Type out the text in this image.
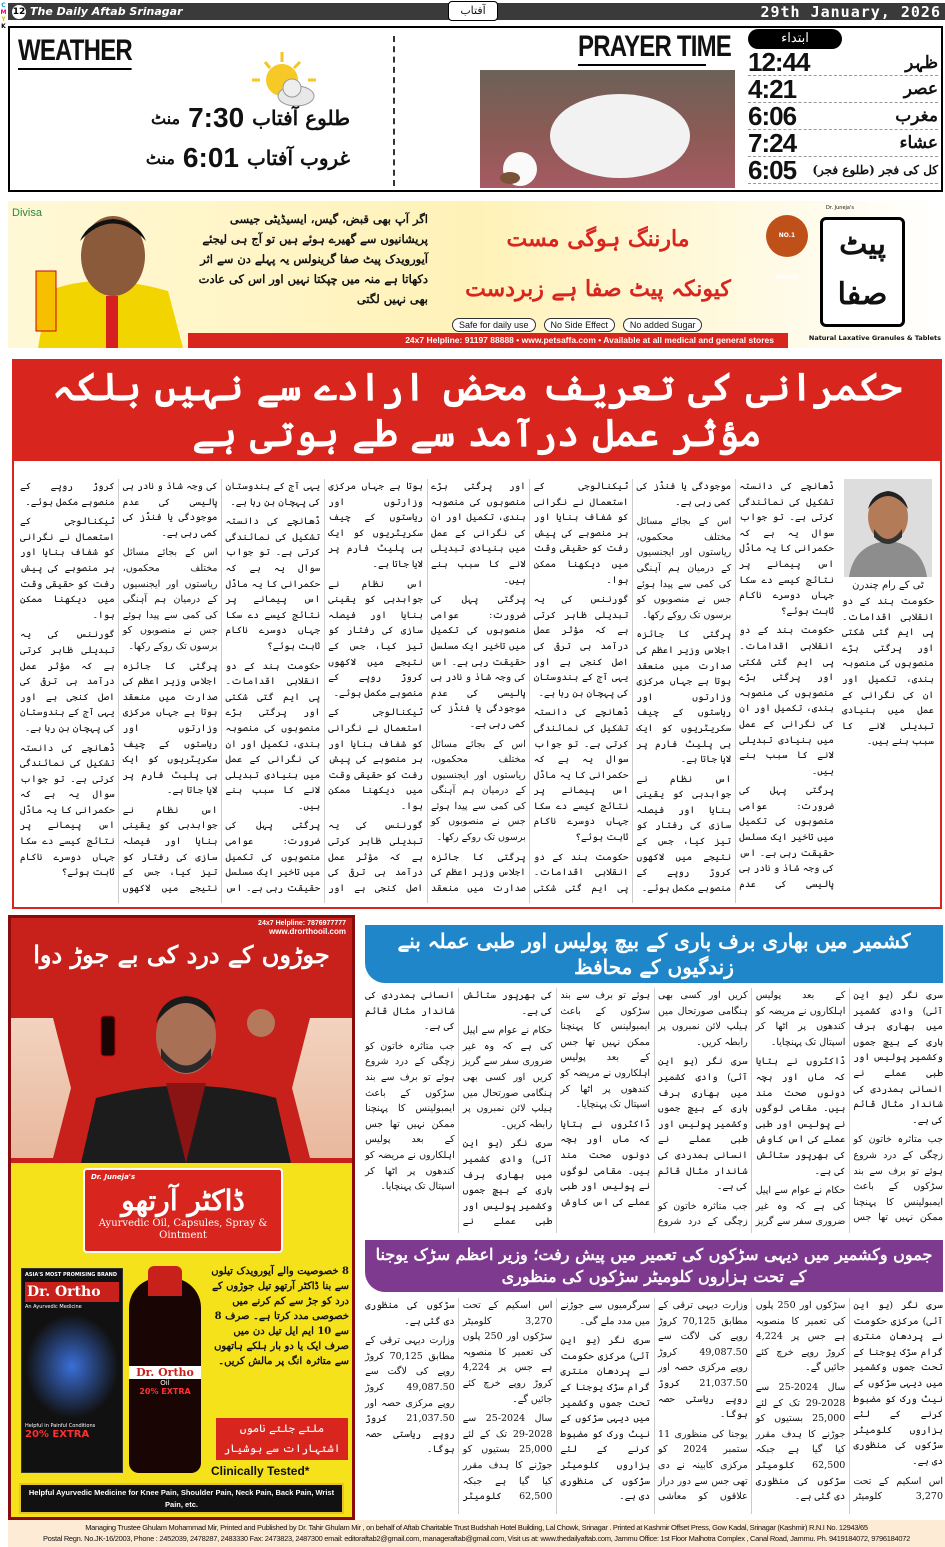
C
M
Y
K
12 The Daily Aftab Srinagar	29th January, 2026
آفتاب
WEATHER
منٹ 7:30 طلوع آفتاب
منٹ 6:01 غروب آفتاب
PRAYER TIME	ابتداء
12:44	ظہر
4:21	عصر
6:06	مغرب
7:24	عشاء
6:05 کل کی فجر (طلوع فجر)
Divisa	اگر آپ بھی قبض، گیس، ایسیڈیٹی جیسی پریشانیوں سے گھیرے ہوئے ہیں تو آج ہی لیجئے آیورویدک پیٹ صفا گرینولس یہ پہلے دن سے اثر دکھاتا ہے منہ میں چپکتا نہیں اور اس کی عادت بھی نہیں لگتی
مارننگ ہوگی مست
کیونکہ پیٹ صفا ہے زبردست
Safe for daily use No Side Effect No added Sugar
24x7 Helpline: 91197 88888 • www.petsaffa.com • Available at all medical and general stores
NO.1 BRAND
Dr. Juneja's
پیٹ صفا
Natural Laxative Granules & Tablets
حکمرانی کی تعریف محض ارادے سے نہیں بلکہ مؤثر عمل درآمد سے طے ہوتی ہے
ٹی کے رام چندرن

حکومت ہند کے دو انقلابی اقدامات۔ پی ایم گتی شکتی اور پرگتی بڑے منصوبوں کی منصوبہ بندی، تکمیل اور ان کی نگرانی کے عمل میں بنیادی تبدیلی لانے کا سبب بنے ہیں۔

ڈھانچے کی دانستہ تشکیل کی نمائندگی کرتی ہے۔ تو جواب سوال یہ ہے کہ حکمرانی کا یہ ماڈل اس پیمانے پر نتائج کیسے دے سکا جہاں دوسرے ناکام ثابت ہوئے؟

حکومت ہند کے دو انقلابی اقدامات۔ پی ایم گتی شکتی اور پرگتی بڑے منصوبوں کی منصوبہ بندی، تکمیل اور ان کی نگرانی کے عمل میں بنیادی تبدیلی لانے کا سبب بنے ہیں۔

پرگتی پہل کی ضرورت: عوامی منصوبوں کی تکمیل میں تاخیر ایک مسلسل حقیقت رہی ہے۔ اس کی وجہ شاذ و نادر ہی پالیسی کی عدم موجودگی یا فنڈز کی کمی رہی ہے۔

اس کے بجائے مسائل مختلف محکموں، ریاستوں اور ایجنسیوں کے درمیان ہم آہنگی کی کمی سے پیدا ہوئے جس نے منصوبوں کو برسوں تک روکے رکھا۔

پرگتی کا جائزہ اجلاس وزیر اعظم کی صدارت میں منعقد ہوتا ہے جہاں مرکزی وزارتوں اور ریاستوں کے چیف سکریٹریوں کو ایک ہی پلیٹ فارم پر لایا جاتا ہے۔

اس نظام نے جوابدہی کو یقینی بنایا اور فیصلہ سازی کی رفتار کو تیز کیا، جس کے نتیجے میں لاکھوں کروڑ روپے کے منصوبے مکمل ہوئے۔

ٹیکنالوجی کے استعمال نے نگرانی کو شفاف بنایا اور ہر منصوبے کی پیش رفت کو حقیقی وقت میں دیکھنا ممکن ہوا۔

گورننس کی یہ تبدیلی ظاہر کرتی ہے کہ مؤثر عمل درآمد ہی ترقی کی اصل کنجی ہے اور یہی آج کے ہندوستان کی پہچان بن رہا ہے۔

ڈھانچے کی دانستہ تشکیل کی نمائندگی کرتی ہے۔ تو جواب سوال یہ ہے کہ حکمرانی کا یہ ماڈل اس پیمانے پر نتائج کیسے دے سکا جہاں دوسرے ناکام ثابت ہوئے؟

حکومت ہند کے دو انقلابی اقدامات۔ پی ایم گتی شکتی اور پرگتی بڑے منصوبوں کی منصوبہ بندی، تکمیل اور ان کی نگرانی کے عمل میں بنیادی تبدیلی لانے کا سبب بنے ہیں۔

پرگتی پہل کی ضرورت: عوامی منصوبوں کی تکمیل میں تاخیر ایک مسلسل حقیقت رہی ہے۔ اس کی وجہ شاذ و نادر ہی پالیسی کی عدم موجودگی یا فنڈز کی کمی رہی ہے۔

اس کے بجائے مسائل مختلف محکموں، ریاستوں اور ایجنسیوں کے درمیان ہم آہنگی کی کمی سے پیدا ہوئے جس نے منصوبوں کو برسوں تک روکے رکھا۔

پرگتی کا جائزہ اجلاس وزیر اعظم کی صدارت میں منعقد ہوتا ہے جہاں مرکزی وزارتوں اور ریاستوں کے چیف سکریٹریوں کو ایک ہی پلیٹ فارم پر لایا جاتا ہے۔

اس نظام نے جوابدہی کو یقینی بنایا اور فیصلہ سازی کی رفتار کو تیز کیا، جس کے نتیجے میں لاکھوں کروڑ روپے کے منصوبے مکمل ہوئے۔

ٹیکنالوجی کے استعمال نے نگرانی کو شفاف بنایا اور ہر منصوبے کی پیش رفت کو حقیقی وقت میں دیکھنا ممکن ہوا۔

گورننس کی یہ تبدیلی ظاہر کرتی ہے کہ مؤثر عمل درآمد ہی ترقی کی اصل کنجی ہے اور یہی آج کے ہندوستان کی پہچان بن رہا ہے۔

ڈھانچے کی دانستہ تشکیل کی نمائندگی کرتی ہے۔ تو جواب سوال یہ ہے کہ حکمرانی کا یہ ماڈل اس پیمانے پر نتائج کیسے دے سکا جہاں دوسرے ناکام ثابت ہوئے؟

حکومت ہند کے دو انقلابی اقدامات۔ پی ایم گتی شکتی اور پرگتی بڑے منصوبوں کی منصوبہ بندی، تکمیل اور ان کی نگرانی کے عمل میں بنیادی تبدیلی لانے کا سبب بنے ہیں۔

پرگتی پہل کی ضرورت: عوامی منصوبوں کی تکمیل میں تاخیر ایک مسلسل حقیقت رہی ہے۔ اس کی وجہ شاذ و نادر ہی پالیسی کی عدم موجودگی یا فنڈز کی کمی رہی ہے۔

اس کے بجائے مسائل مختلف محکموں، ریاستوں اور ایجنسیوں کے درمیان ہم آہنگی کی کمی سے پیدا ہوئے جس نے منصوبوں کو برسوں تک روکے رکھا۔

پرگتی کا جائزہ اجلاس وزیر اعظم کی صدارت میں منعقد ہوتا ہے جہاں مرکزی وزارتوں اور ریاستوں کے چیف سکریٹریوں کو ایک ہی پلیٹ فارم پر لایا جاتا ہے۔

اس نظام نے جوابدہی کو یقینی بنایا اور فیصلہ سازی کی رفتار کو تیز کیا، جس کے نتیجے میں لاکھوں کروڑ روپے کے منصوبے مکمل ہوئے۔

ٹیکنالوجی کے استعمال نے نگرانی کو شفاف بنایا اور ہر منصوبے کی پیش رفت کو حقیقی وقت میں دیکھنا ممکن ہوا۔

گورننس کی یہ تبدیلی ظاہر کرتی ہے کہ مؤثر عمل درآمد ہی ترقی کی اصل کنجی ہے اور یہی آج کے ہندوستان کی پہچان بن رہا ہے۔

ڈھانچے کی دانستہ تشکیل کی نمائندگی کرتی ہے۔ تو جواب سوال یہ ہے کہ حکمرانی کا یہ ماڈل اس پیمانے پر نتائج کیسے دے سکا جہاں دوسرے ناکام ثابت ہوئے؟

24x7 Helpline: 7876977777
www.drorthooil.com
جوڑوں کے درد کی بے جوڑ دوا
Dr. Juneja's
ڈاکٹر آرتھو
Ayurvedic Oil, Capsules, Spray & Ointment
ASIA'S MOST PROMISING BRAND
Dr. Ortho
An Ayurvedic Medicine
Helpful in Painful Conditions
20% EXTRA
Dr. Ortho
Oil
20% EXTRA
8 خصوصیت والے آیورویدک تیلوں سے بنا ڈاکٹر آرتھو تیل جوڑوں کے درد کو جڑ سے کم کرنے میں خصوصی مدد کرتا ہے۔ صرف 8 سے 10 ایم ایل تیل دن میں صرف ایک یا دو بار ہلکے ہاتھوں سے متاثرہ انگ پر مالش کریں۔
ملتے جلتے ناموں اشتہارات سے ہوشیار
Clinically Tested*
Helpful Ayurvedic Medicine for Knee Pain, Shoulder Pain, Neck Pain, Back Pain, Wrist Pain, etc.
کشمیر میں بھاری برف باری کے بیچ پولیس اور طبی عملہ بنے زندگیوں کے محافظ

سری نگر (یو این آئی) وادی کشمیر میں بھاری برف باری کے بیچ جموں وکشمیر پولیس اور طبی عملے نے انسانی ہمدردی کی شاندار مثال قائم کی ہے۔

جب متاثرہ خاتون کو زچگی کے درد شروع ہوئے تو برف سے بند سڑکوں کے باعث ایمبولینس کا پہنچنا ممکن نہیں تھا جس کے بعد پولیس اہلکاروں نے مریضہ کو کندھوں پر اٹھا کر اسپتال تک پہنچایا۔

ڈاکٹروں نے بتایا کہ ماں اور بچہ دونوں صحت مند ہیں۔ مقامی لوگوں نے پولیس اور طبی عملے کی اس کاوش کی بھرپور ستائش کی ہے۔

حکام نے عوام سے اپیل کی ہے کہ وہ غیر ضروری سفر سے گریز کریں اور کسی بھی ہنگامی صورتحال میں ہیلپ لائن نمبروں پر رابطہ کریں۔

سری نگر (یو این آئی) وادی کشمیر میں بھاری برف باری کے بیچ جموں وکشمیر پولیس اور طبی عملے نے انسانی ہمدردی کی شاندار مثال قائم کی ہے۔

جب متاثرہ خاتون کو زچگی کے درد شروع ہوئے تو برف سے بند سڑکوں کے باعث ایمبولینس کا پہنچنا ممکن نہیں تھا جس کے بعد پولیس اہلکاروں نے مریضہ کو کندھوں پر اٹھا کر اسپتال تک پہنچایا۔

ڈاکٹروں نے بتایا کہ ماں اور بچہ دونوں صحت مند ہیں۔ مقامی لوگوں نے پولیس اور طبی عملے کی اس کاوش کی بھرپور ستائش کی ہے۔

حکام نے عوام سے اپیل کی ہے کہ وہ غیر ضروری سفر سے گریز کریں اور کسی بھی ہنگامی صورتحال میں ہیلپ لائن نمبروں پر رابطہ کریں۔

سری نگر (یو این آئی) وادی کشمیر میں بھاری برف باری کے بیچ جموں وکشمیر پولیس اور طبی عملے نے انسانی ہمدردی کی شاندار مثال قائم کی ہے۔

جب متاثرہ خاتون کو زچگی کے درد شروع ہوئے تو برف سے بند سڑکوں کے باعث ایمبولینس کا پہنچنا ممکن نہیں تھا جس کے بعد پولیس اہلکاروں نے مریضہ کو کندھوں پر اٹھا کر اسپتال تک پہنچایا۔

جموں وکشمیر میں دیہی سڑکوں کی تعمیر میں پیش رفت؛ وزیر اعظم سڑک یوجنا کے تحت ہزاروں کلومیٹر سڑکوں کی منظوری

سری نگر (یو این آئی) مرکزی حکومت نے پردھان منتری گرام سڑک یوجنا کے تحت جموں وکشمیر میں دیہی سڑکوں کے نیٹ ورک کو مضبوط کرنے کے لئے ہزاروں کلومیٹر سڑکوں کی منظوری دی ہے۔

اس اسکیم کے تحت 3,270 کلومیٹر سڑکوں اور 250 پلوں کی تعمیر کا منصوبہ ہے جس پر 4,224 کروڑ روپے خرچ کئے جائیں گے۔

سال 2024-25 سے 2028-29 تک کے لئے 25,000 بستیوں کو جوڑنے کا ہدف مقرر کیا گیا ہے جبکہ 62,500 کلومیٹر سڑکوں کی منظوری دی گئی ہے۔

وزارت دیہی ترقی کے مطابق 70,125 کروڑ روپے کی لاگت سے 49,087.50 کروڑ روپے مرکزی حصہ اور 21,037.50 کروڑ روپے ریاستی حصہ ہوگا۔

یوجنا کی منظوری 11 ستمبر 2024 کو مرکزی کابینہ نے دی تھی جس سے دور دراز علاقوں کو معاشی سرگرمیوں سے جوڑنے میں مدد ملے گی۔

سری نگر (یو این آئی) مرکزی حکومت نے پردھان منتری گرام سڑک یوجنا کے تحت جموں وکشمیر میں دیہی سڑکوں کے نیٹ ورک کو مضبوط کرنے کے لئے ہزاروں کلومیٹر سڑکوں کی منظوری دی ہے۔

اس اسکیم کے تحت 3,270 کلومیٹر سڑکوں اور 250 پلوں کی تعمیر کا منصوبہ ہے جس پر 4,224 کروڑ روپے خرچ کئے جائیں گے۔

سال 2024-25 سے 2028-29 تک کے لئے 25,000 بستیوں کو جوڑنے کا ہدف مقرر کیا گیا ہے جبکہ 62,500 کلومیٹر سڑکوں کی منظوری دی گئی ہے۔

وزارت دیہی ترقی کے مطابق 70,125 کروڑ روپے کی لاگت سے 49,087.50 کروڑ روپے مرکزی حصہ اور 21,037.50 کروڑ روپے ریاستی حصہ ہوگا۔

Managing Trustee Ghulam Mohammad Mir, Printed and Published by Dr. Tahir Ghulam Mir , on behalf of Aftab Charitable Trust Budshah Hotel Building, Lal Chowk, Srinagar . Printed at Kashmir Offset Press, Gow Kadal, Srinagar (Kashmir) R.N.I No. 12943/65
Postal Regn. No.JK-16/2003, Phone : 2452039, 2478287, 2483330 Fax: 2473823, 2487300 email: editoraftab2@gmail.com, manageraftab@gmail.com, Visit us at: www.thedailyaftab.com, Jammu Office: 1st Floor Malhotra Complex , Canal Road, Jammu. Ph. 9419184072, 9796184072
